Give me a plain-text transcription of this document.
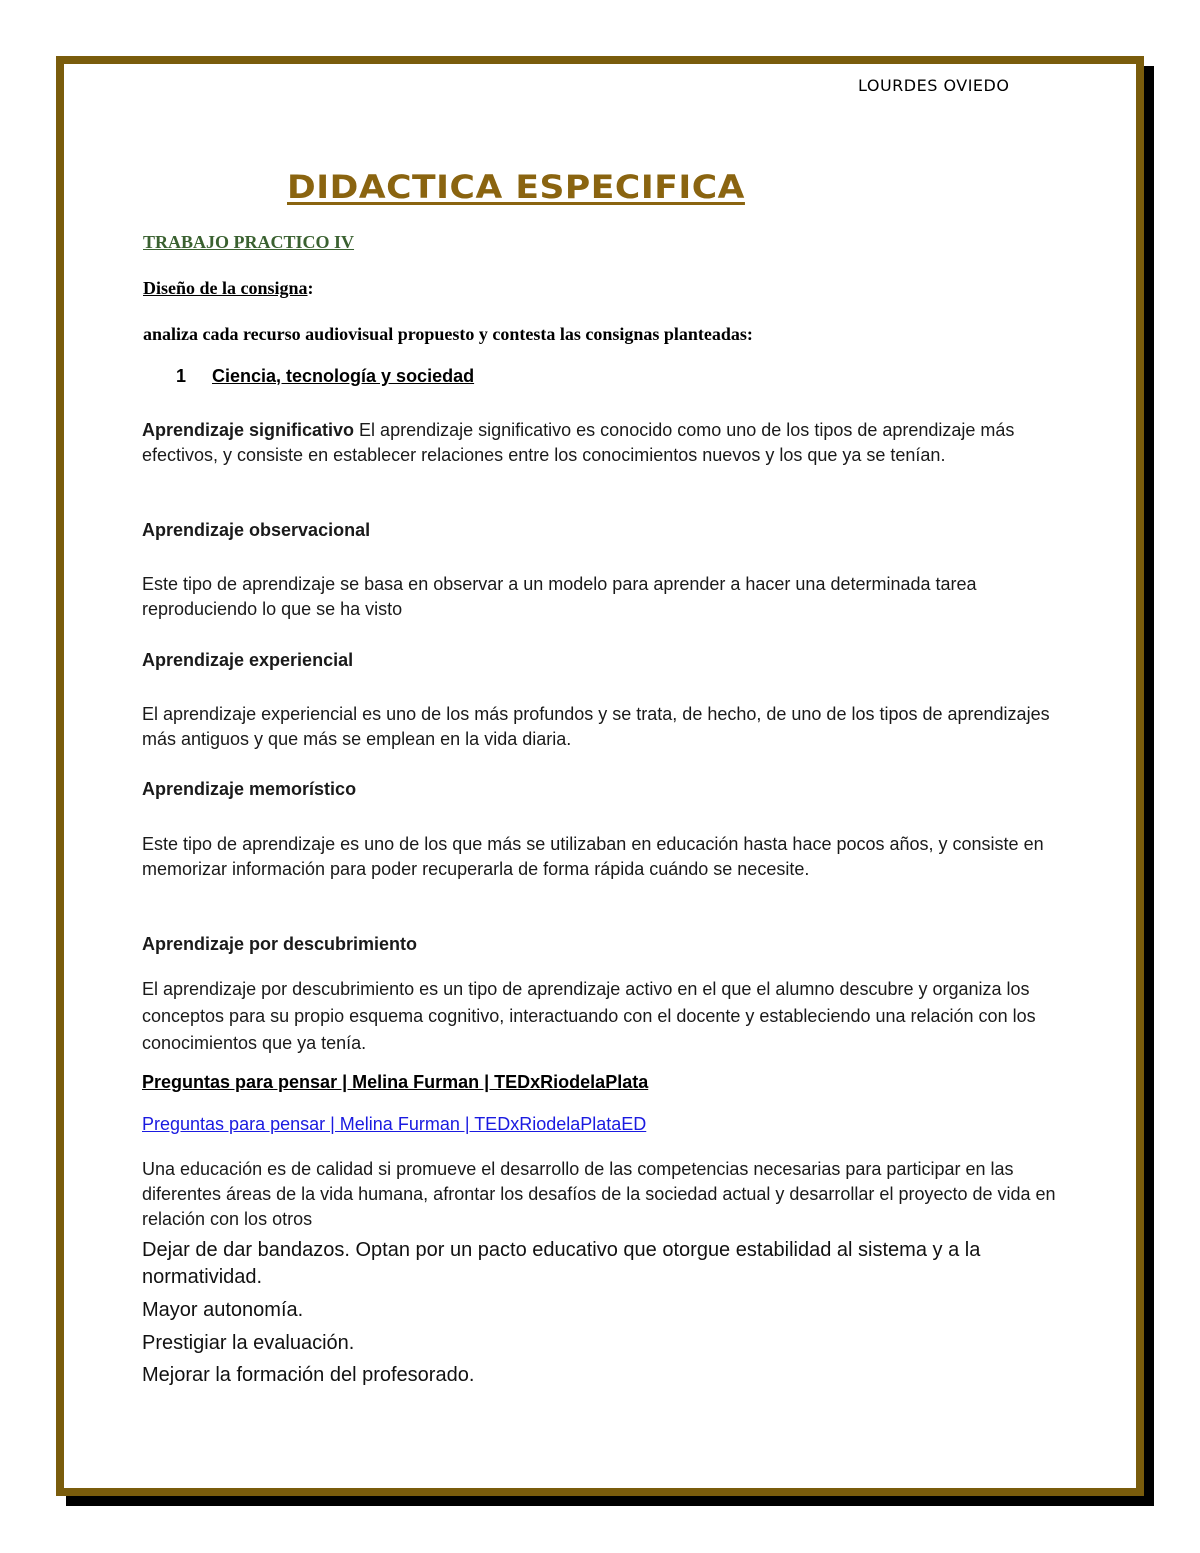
LOURDES OVIEDO
DIDACTICA ESPECIFICA
TRABAJO PRACTICO IV
Diseño de la consigna:
analiza cada recurso audiovisual propuesto y contesta las consignas planteadas:
1 Ciencia, tecnología y sociedad
Aprendizaje significativo El aprendizaje significativo es conocido como uno de los tipos de aprendizaje más efectivos, y consiste en establecer relaciones entre los conocimientos nuevos y los que ya se tenían.
Aprendizaje observacional
Este tipo de aprendizaje se basa en observar a un modelo para aprender a hacer una determinada tarea reproduciendo lo que se ha visto
Aprendizaje experiencial
El aprendizaje experiencial es uno de los más profundos y se trata, de hecho, de uno de los tipos de aprendizajes más antiguos y que más se emplean en la vida diaria.
Aprendizaje memorístico
Este tipo de aprendizaje es uno de los que más se utilizaban en educación hasta hace pocos años, y consiste en memorizar información para poder recuperarla de forma rápida cuándo se necesite.
Aprendizaje por descubrimiento
El aprendizaje por descubrimiento es un tipo de aprendizaje activo en el que el alumno descubre y organiza los conceptos para su propio esquema cognitivo, interactuando con el docente y estableciendo una relación con los conocimientos que ya tenía.
Preguntas para pensar | Melina Furman | TEDxRiodelaPlata
Preguntas para pensar | Melina Furman | TEDxRiodelaPlataED
Una educación es de calidad si promueve el desarrollo de las competencias necesarias para participar en las diferentes áreas de la vida humana, afrontar los desafíos de la sociedad actual y desarrollar el proyecto de vida en relación con los otros
Dejar de dar bandazos. Optan por un pacto educativo que otorgue estabilidad al sistema y a la normatividad.
Mayor autonomía.
Prestigiar la evaluación.
Mejorar la formación del profesorado.
